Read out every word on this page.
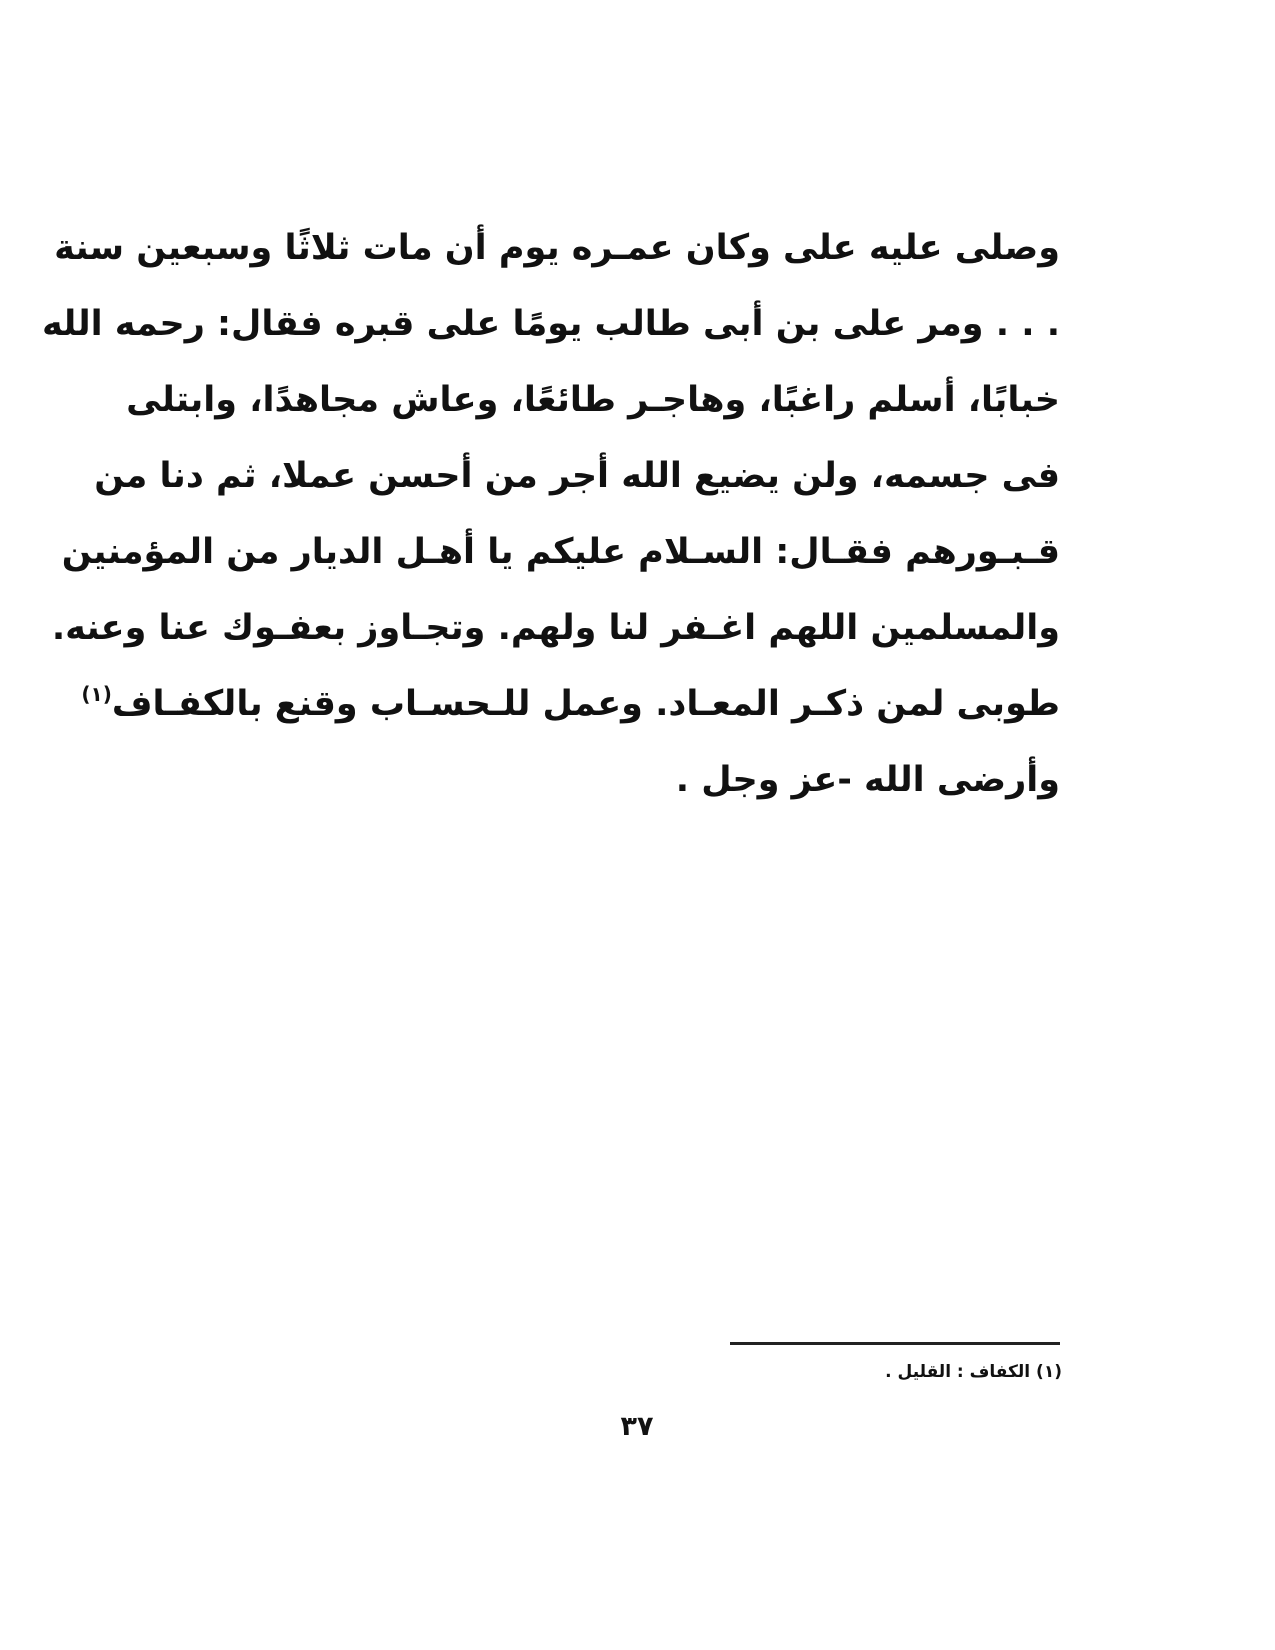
وصلى عليه على وكان عمـره يوم أن مات ثلاثًا وسبعين سنة
. . . ومر على بن أبى طالب يومًا على قبره فقال: رحمه الله
خبابًا، أسلم راغبًا، وهاجـر طائعًا، وعاش مجاهدًا، وابتلى
فى جسمه، ولن يضيع الله أجر من أحسن عملا، ثم دنا من
قـبـورهم فقـال: السـلام عليكم يا أهـل الديار من المؤمنين
والمسلمين اللهم اغـفر لنا ولهم. وتجـاوز بعفـوك عنا وعنه.
طوبى لمن ذكـر المعـاد. وعمل للـحسـاب وقنع بالكفـاف$^{(١)}$
وأرضى الله -عز وجل .
(١) الكفاف : القليل .
٣٧
